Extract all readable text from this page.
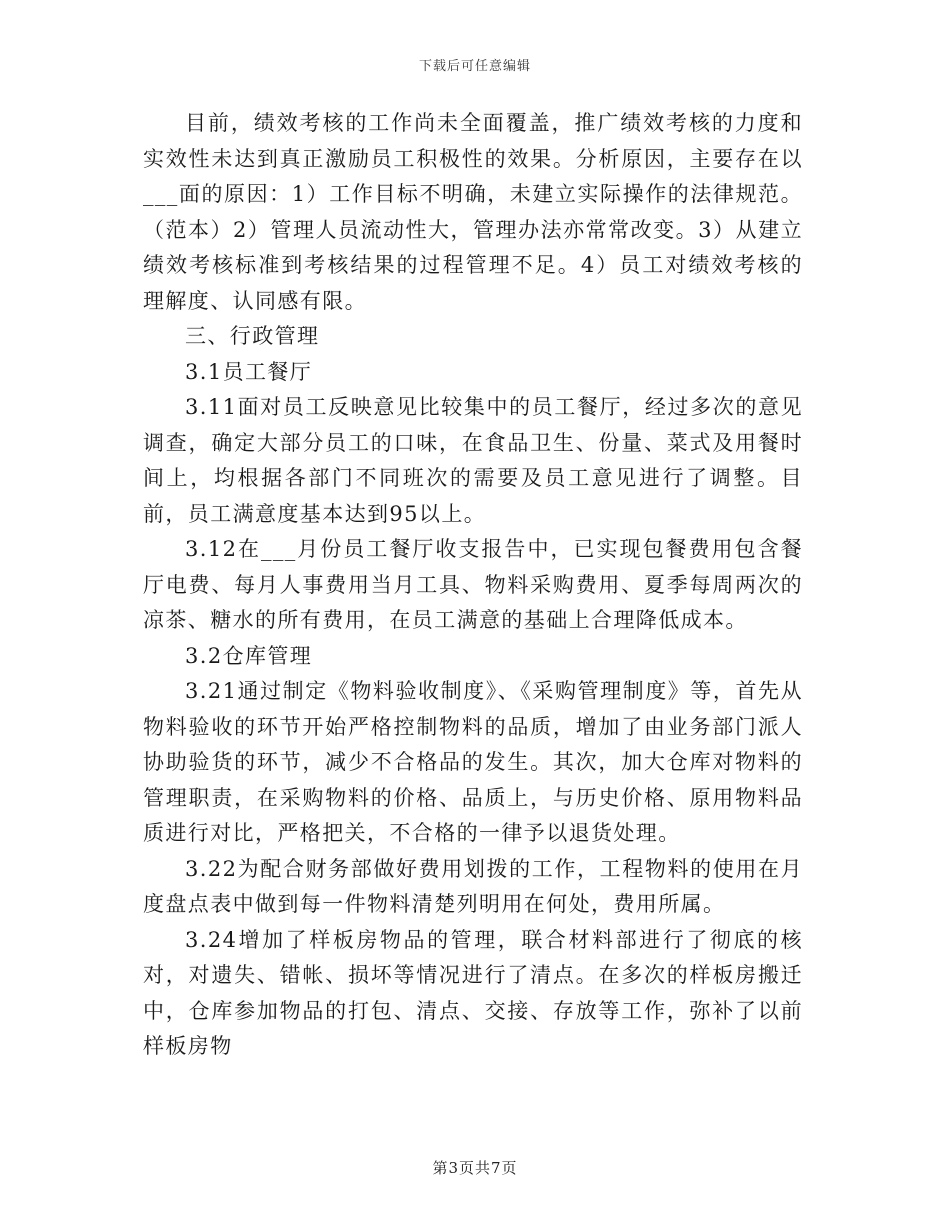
下载后可任意编辑

目前，绩效考核的工作尚未全面覆盖，推广绩效考核的力度和实效性未达到真正激励员工积极性的效果。分析原因，主要存在以___面的原因：1）工作目标不明确，未建立实际操作的法律规范。（范本）2）管理人员流动性大，管理办法亦常常改变。3）从建立绩效考核标准到考核结果的过程管理不足。4）员工对绩效考核的理解度、认同感有限。

三、行政管理

3.1员工餐厅

3.11面对员工反映意见比较集中的员工餐厅，经过多次的意见调查，确定大部分员工的口味，在食品卫生、份量、菜式及用餐时间上，均根据各部门不同班次的需要及员工意见进行了调整。目前，员工满意度基本达到95以上。

3.12在___月份员工餐厅收支报告中，已实现包餐费用包含餐厅电费、每月人事费用当月工具、物料采购费用、夏季每周两次的凉茶、糖水的所有费用，在员工满意的基础上合理降低成本。

3.2仓库管理

3.21通过制定《物料验收制度》、《采购管理制度》等，首先从物料验收的环节开始严格控制物料的品质，增加了由业务部门派人协助验货的环节，减少不合格品的发生。其次，加大仓库对物料的管理职责，在采购物料的价格、品质上，与历史价格、原用物料品质进行对比，严格把关，不合格的一律予以退货处理。

3.22为配合财务部做好费用划拨的工作，工程物料的使用在月度盘点表中做到每一件物料清楚列明用在何处，费用所属。

3.24增加了样板房物品的管理，联合材料部进行了彻底的核对，对遗失、错帐、损坏等情况进行了清点。在多次的样板房搬迁中，仓库参加物品的打包、清点、交接、存放等工作，弥补了以前样板房物

第3页共7页
